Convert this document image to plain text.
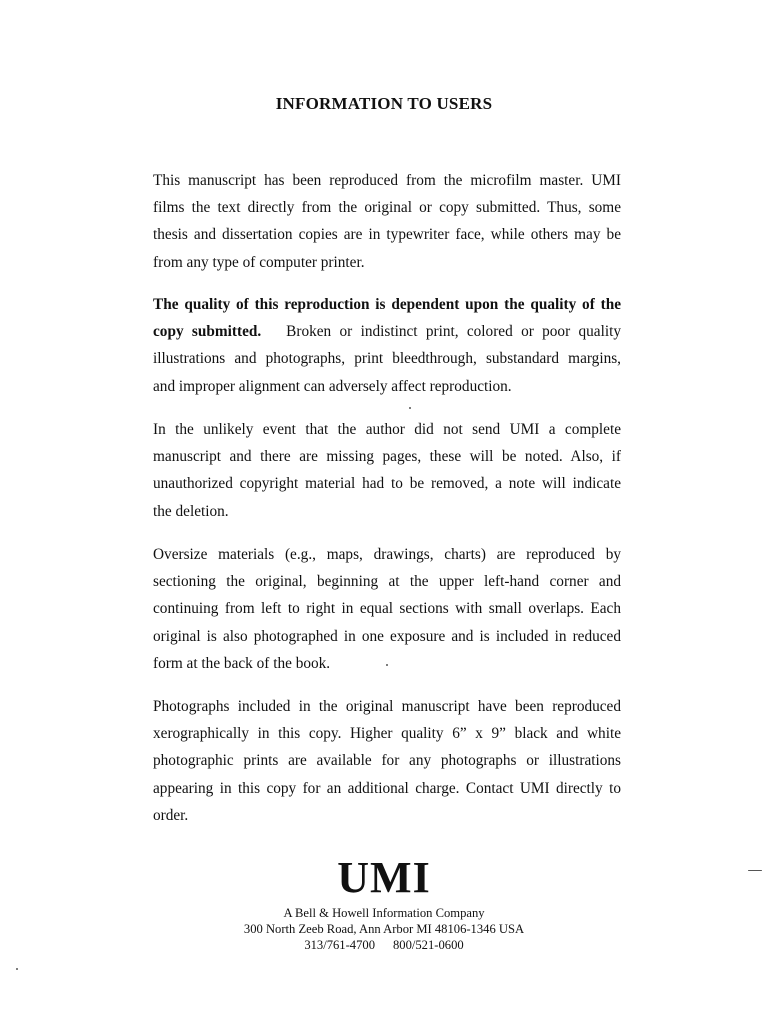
INFORMATION TO USERS
This manuscript has been reproduced from the microfilm master. UMI
films the text directly from the original or copy submitted. Thus, some
thesis and dissertation copies are in typewriter face, while others may be
from any type of computer printer.
The quality of this reproduction is dependent upon the quality of the
copy submitted. Broken or indistinct print, colored or poor quality
illustrations and photographs, print bleedthrough, substandard margins,
and improper alignment can adversely affect reproduction.
In the unlikely event that the author did not send UMI a complete
manuscript and there are missing pages, these will be noted. Also, if
unauthorized copyright material had to be removed, a note will indicate
the deletion.
Oversize materials (e.g., maps, drawings, charts) are reproduced by
sectioning the original, beginning at the upper left-hand corner and
continuing from left to right in equal sections with small overlaps. Each
original is also photographed in one exposure and is included in reduced
form at the back of the book.
Photographs included in the original manuscript have been reproduced
xerographically in this copy. Higher quality 6” x 9” black and white
photographic prints are available for any photographs or illustrations
appearing in this copy for an additional charge. Contact UMI directly to
order.
UMI
A Bell & Howell Information Company
300 North Zeeb Road, Ann Arbor MI 48106-1346 USA
313/761-4700 800/521-0600
